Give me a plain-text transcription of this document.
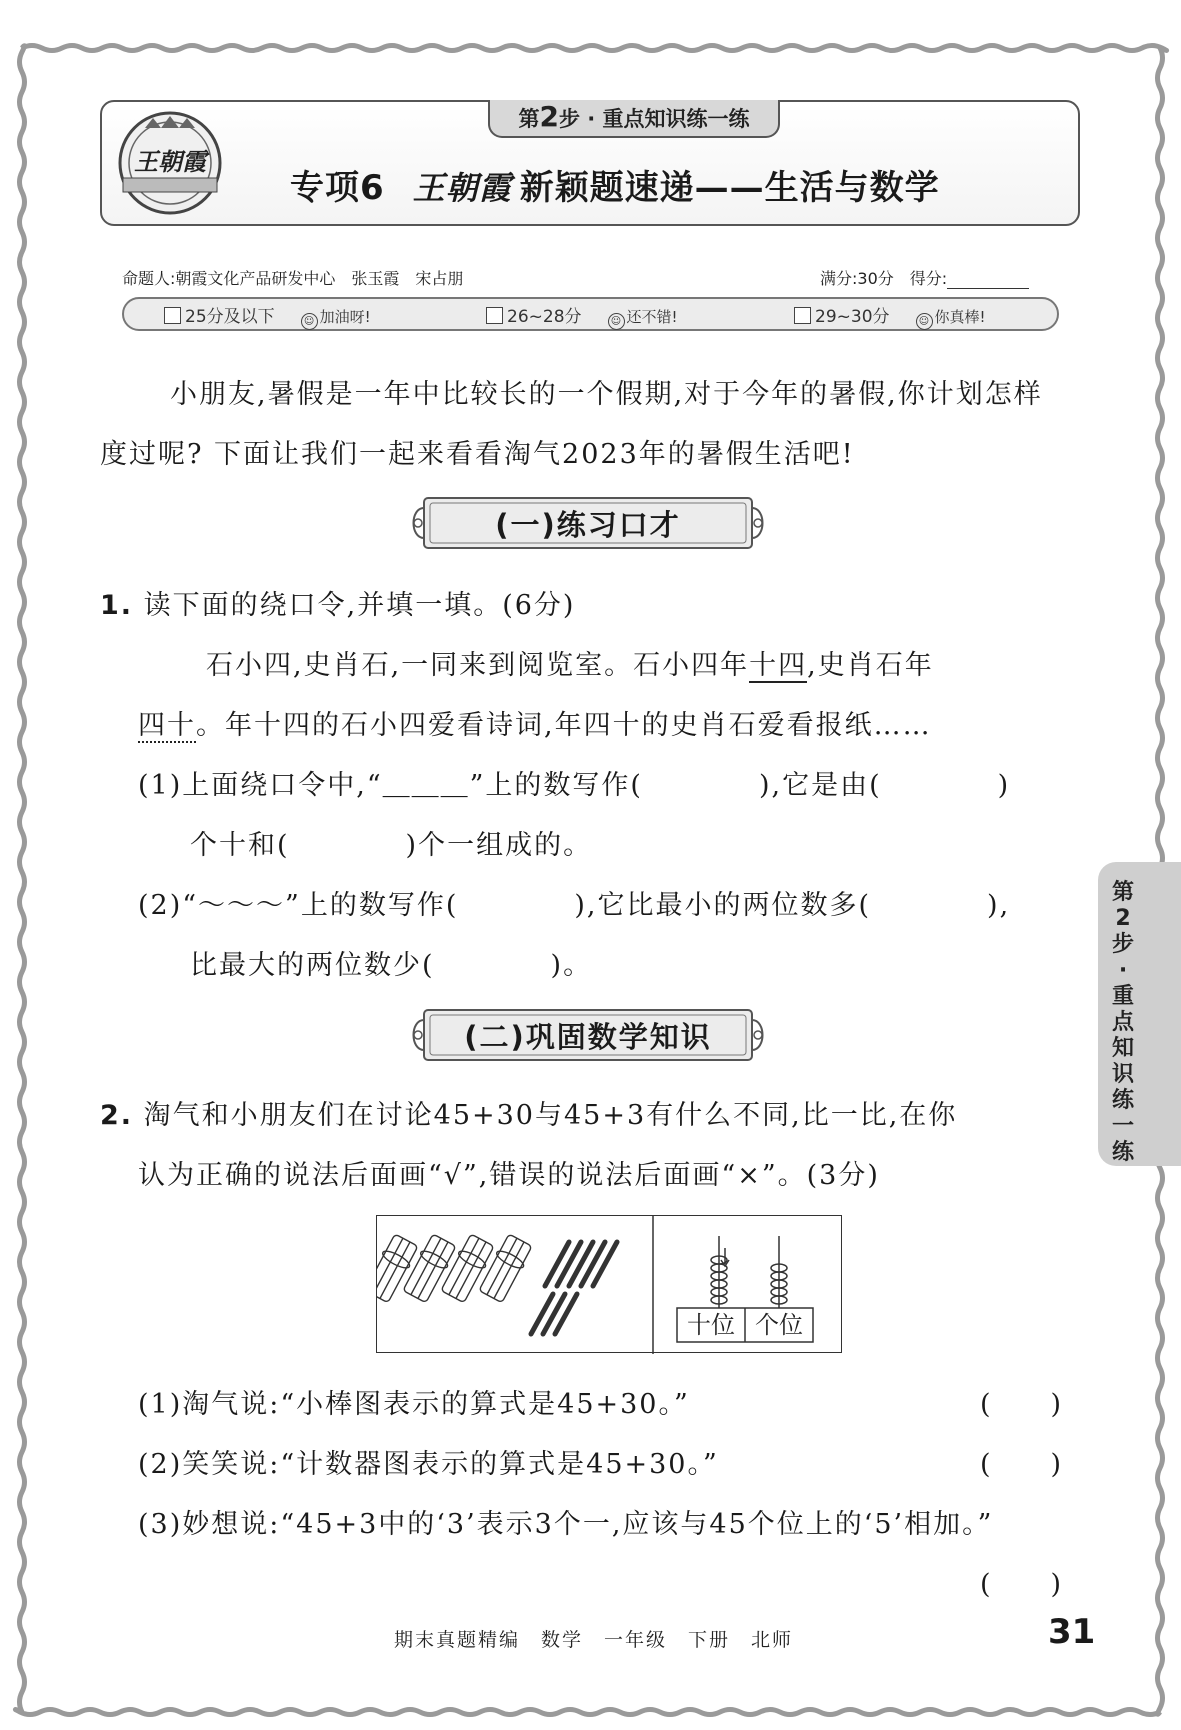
王朝霞
第2步 · 重点知识练一练
专项6 王朝霞 新颖题速递——生活与数学
命题人:朝霞文化产品研发中心　张玉霞　宋占朋	满分:30分　 得分:
25分及以下	☺ 加油呀!	26~28分	☺ 还不错!	29~30分	☺ 你真棒!
小朋友,暑假是一年中比较长的一个假期,对于今年的暑假,你计划怎样
度过呢? 下面让我们一起来看看淘气2023年的暑假生活吧!
(一)练习口才
1. 读下面的绕口令,并填一填。(6分)
石小四,史肖石,一同来到阅览室。石小四年十四,史肖石年
四十。年十四的石小四爱看诗词,年四十的史肖石爱看报纸……
(1)上面绕口令中,“＿＿＿”上的数写作(　　　　),它是由(　　　　)
个十和(　　　　)个一组成的。
(2)“～～～”上的数写作(　　　　),它比最小的两位数多(　　　　),
比最大的两位数少(　　　　)。
(二)巩固数学知识
2. 淘气和小朋友们在讨论45+30与45+3有什么不同,比一比,在你
认为正确的说法后面画“√”,错误的说法后面画“×”。(3分)
十位 个位
(1)淘气说:“小棒图表示的算式是45+30。”	(　　)
(2)笑笑说:“计数器图表示的算式是45+30。”	(　　)
(3)妙想说:“45+3中的‘3’表示3个一,应该与45个位上的‘5’相加。”
(　　)
第2步·重点知识练一练
期末真题精编　数学　一年级　下册　北师	31
